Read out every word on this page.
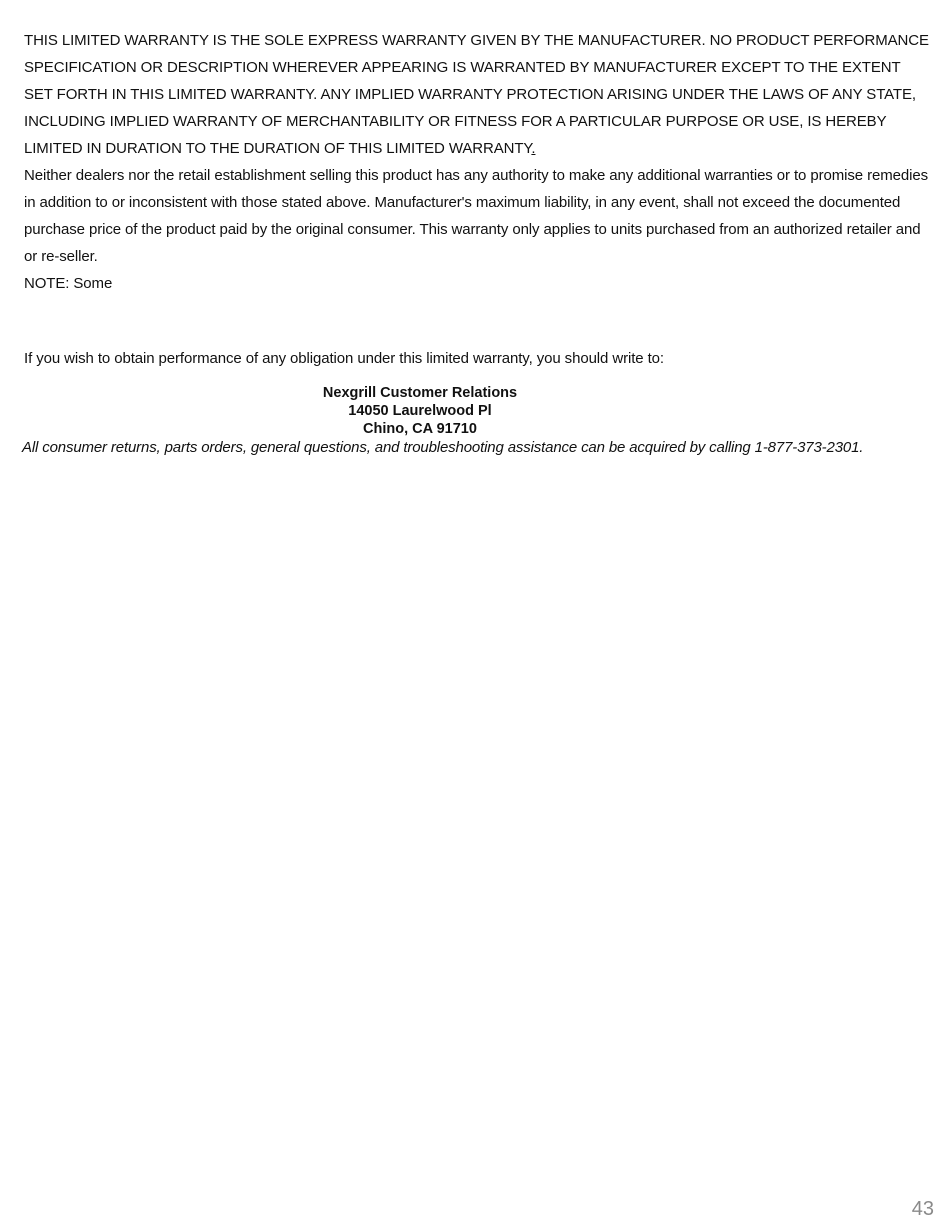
THIS LIMITED WARRANTY IS THE SOLE EXPRESS WARRANTY GIVEN BY THE MANUFACTURER. NO PRODUCT PERFORMANCE SPECIFICATION OR DESCRIPTION WHEREVER APPEARING IS WARRANTED BY MANUFACTURER EXCEPT TO THE EXTENT SET FORTH IN THIS LIMITED WARRANTY. ANY IMPLIED WARRANTY PROTECTION ARISING UNDER THE LAWS OF ANY STATE, INCLUDING IMPLIED WARRANTY OF MERCHANTABILITY OR FITNESS FOR A PARTICULAR PURPOSE OR USE, IS HEREBY LIMITED IN DURATION TO THE DURATION OF THIS LIMITED WARRANTY.

Neither dealers nor the retail establishment selling this product has any authority to make any additional warranties or to promise remedies in addition to or inconsistent with those stated above. Manufacturer's maximum liability, in any event, shall not exceed the documented purchase price of the product paid by the original consumer. This warranty only applies to units purchased from an authorized retailer and or re-seller.

NOTE: Some

If you wish to obtain performance of any obligation under this limited warranty, you should write to:
Nexgrill Customer Relations
14050 Laurelwood Pl
Chino, CA 91710
All consumer returns, parts orders, general questions, and troubleshooting assistance can be acquired by calling 1-877-373-2301.
43
